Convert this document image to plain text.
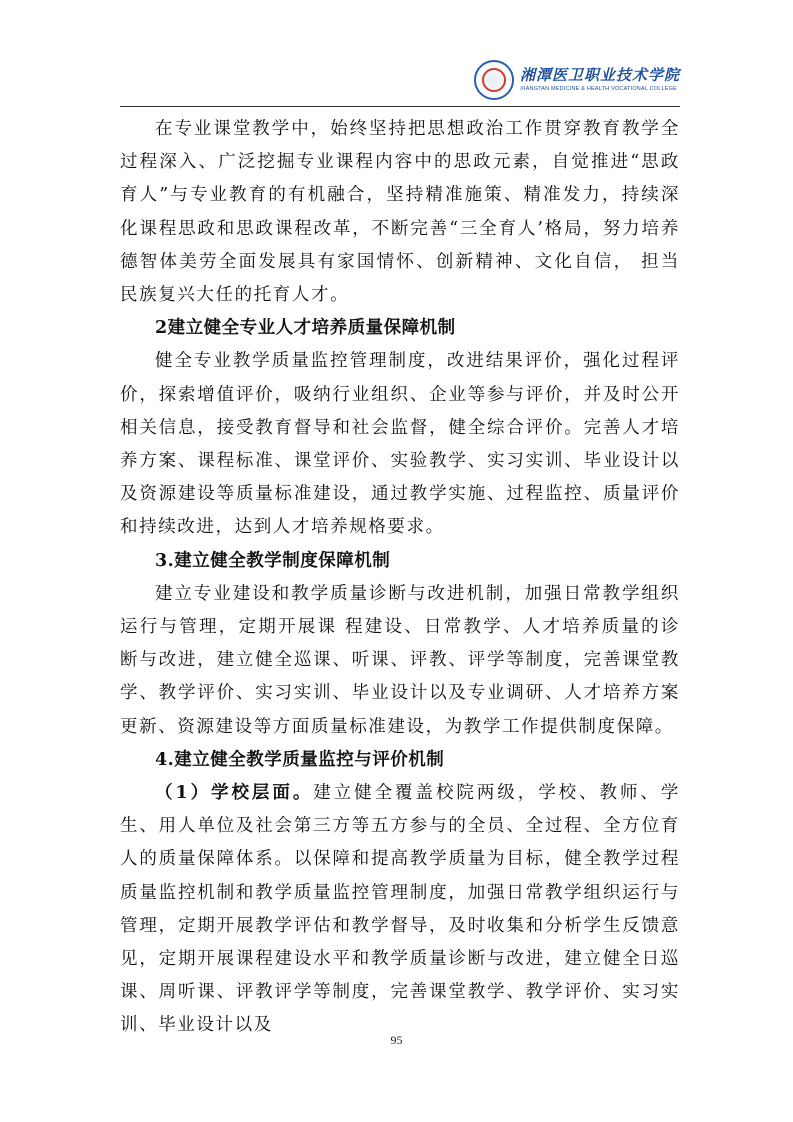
湘潭医卫职业技术学院
XIANGTAN MEDICINE & HEALTH VOCATIONAL COLLEGE

在专业课堂教学中，始终坚持把思想政治工作贯穿教育教学全过程深入、广泛挖掘专业课程内容中的思政元素，自觉推进“思政育人”与专业教育的有机融合，坚持精准施策、精准发力，持续深化课程思政和思政课程改革，不断完善“三全育人’格局，努力培养德智体美劳全面发展具有家国情怀、创新精神、文化自信， 担当民族复兴大任的托育人才。

2建立健全专业人才培养质量保障机制

健全专业教学质量监控管理制度，改进结果评价，强化过程评价，探索增值评价，吸纳行业组织、企业等参与评价，并及时公开相关信息，接受教育督导和社会监督，健全综合评价。完善人才培养方案、课程标准、课堂评价、实验教学、实习实训、毕业设计以及资源建设等质量标准建设，通过教学实施、过程监控、质量评价和持续改进，达到人才培养规格要求。

3.建立健全教学制度保障机制

建立专业建设和教学质量诊断与改进机制，加强日常教学组织运行与管理，定期开展课 程建设、日常教学、人才培养质量的诊断与改进，建立健全巡课、听课、评教、评学等制度，完善课堂教学、教学评价、实习实训、毕业设计以及专业调研、人才培养方案更新、资源建设等方面质量标准建设，为教学工作提供制度保障。

4.建立健全教学质量监控与评价机制

（1）学校层面。建立健全覆盖校院两级，学校、教师、学生、用人单位及社会第三方等五方参与的全员、全过程、全方位育人的质量保障体系。以保障和提高教学质量为目标，健全教学过程质量监控机制和教学质量监控管理制度，加强日常教学组织运行与管理，定期开展教学评估和教学督导，及时收集和分析学生反馈意见，定期开展课程建设水平和教学质量诊断与改进，建立健全日巡课、周听课、评教评学等制度，完善课堂教学、教学评价、实习实训、毕业设计以及

95
